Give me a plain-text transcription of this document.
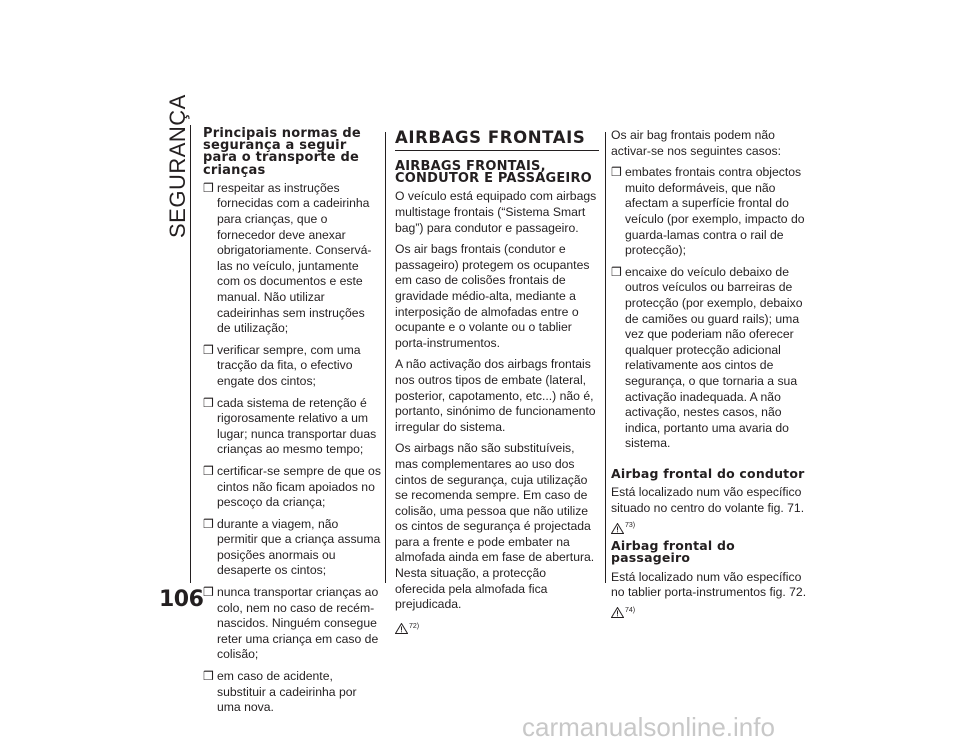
SEGURANÇA	Principais normas de segurança a seguir para o transporte de crianças
❒ respeitar as instruções fornecidas com a cadeirinha para crianças, que o fornecedor deve anexar obrigatoriamente. Conservá-las no veículo, juntamente com os documentos e este manual. Não utilizar cadeirinhas sem instruções de utilização;
❒ verificar sempre, com uma tracção da fita, o efectivo engate dos cintos;
❒ cada sistema de retenção é rigorosamente relativo a um lugar; nunca transportar duas crianças ao mesmo tempo;
❒ certificar-se sempre de que os cintos não ficam apoiados no pescoço da criança;
❒ durante a viagem, não permitir que a criança assuma posições anormais ou desaperte os cintos;
❒ nunca transportar crianças ao colo, nem no caso de recém-nascidos. Ninguém consegue reter uma criança em caso de colisão;
❒ em caso de acidente, substituir a cadeirinha por uma nova.
AIRBAGS FRONTAIS
AIRBAGS FRONTAIS, CONDUTOR E PASSAGEIRO

O veículo está equipado com airbags multistage frontais (“Sistema Smart bag”) para condutor e passageiro.

Os air bags frontais (condutor e passageiro) protegem os ocupantes em caso de colisões frontais de gravidade médio-alta, mediante a interposição de almofadas entre o ocupante e o volante ou o tablier porta-instrumentos.

A não activação dos airbags frontais nos outros tipos de embate (lateral, posterior, capotamento, etc...) não é, portanto, sinónimo de funcionamento irregular do sistema.

Os airbags não são substituíveis, mas complementares ao uso dos cintos de segurança, cuja utilização se recomenda sempre. Em caso de colisão, uma pessoa que não utilize os cintos de segurança é projectada para a frente e pode embater na almofada ainda em fase de abertura. Nesta situação, a protecção oferecida pela almofada fica prejudicada.

72)

Os air bag frontais podem não activar-se nos seguintes casos:

❒ embates frontais contra objectos muito deformáveis, que não afectam a superfície frontal do veículo (por exemplo, impacto do guarda-lamas contra o rail de protecção);
❒ encaixe do veículo debaixo de outros veículos ou barreiras de protecção (por exemplo, debaixo de camiões ou guard rails); uma vez que poderiam não oferecer qualquer protecção adicional relativamente aos cintos de segurança, o que tornaria a sua activação inadequada. A não activação, nestes casos, não indica, portanto uma avaria do sistema.
Airbag frontal do condutor

Está localizado num vão específico situado no centro do volante fig. 71.

73)
Airbag frontal do passageiro

Está localizado num vão específico no tablier porta-instrumentos fig. 72.

74)
106
carmanualsonline.info
